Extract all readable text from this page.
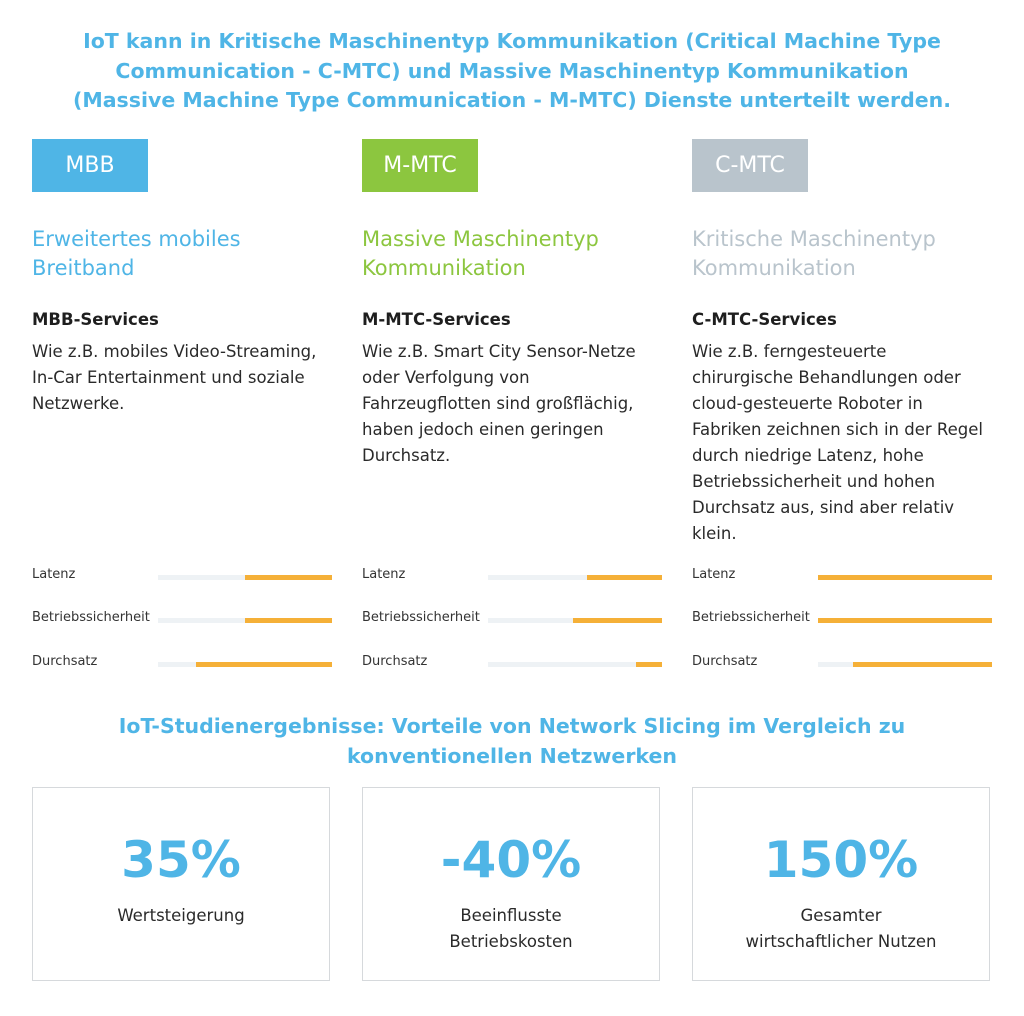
IoT kann in Kritische Maschinentyp Kommunikation (Critical Machine Type Communication - C-MTC) und Massive Maschinentyp Kommunikation (Massive Machine Type Communication - M-MTC) Dienste unterteilt werden.
MBB
Erweitertes mobiles
Breitband
MBB-Services

Wie z.B. mobiles Video-Streaming, In-Car Entertainment und soziale Netzwerke.

Latenz
Betriebssicherheit
Durchsatz
M-MTC
Massive Maschinentyp
Kommunikation
M-MTC-Services

Wie z.B. Smart City Sensor-Netze oder Verfolgung von Fahrzeugflotten sind großflächig, haben jedoch einen geringen Durchsatz.

Latenz
Betriebssicherheit
Durchsatz
C-MTC
Kritische Maschinentyp
Kommunikation
C-MTC-Services

Wie z.B. ferngesteuerte chirurgische Behandlungen oder cloud-gesteuerte Roboter in Fabriken zeichnen sich in der Regel durch niedrige Latenz, hohe Betriebssicherheit und hohen Durchsatz aus, sind aber relativ klein.

Latenz
Betriebssicherheit
Durchsatz
IoT-Studienergebnisse: Vorteile von Network Slicing im Vergleich zu konventionellen Netzwerken
35%
Wertsteigerung
-40%
Beeinflusste
Betriebskosten
150%
Gesamter
wirtschaftlicher Nutzen
